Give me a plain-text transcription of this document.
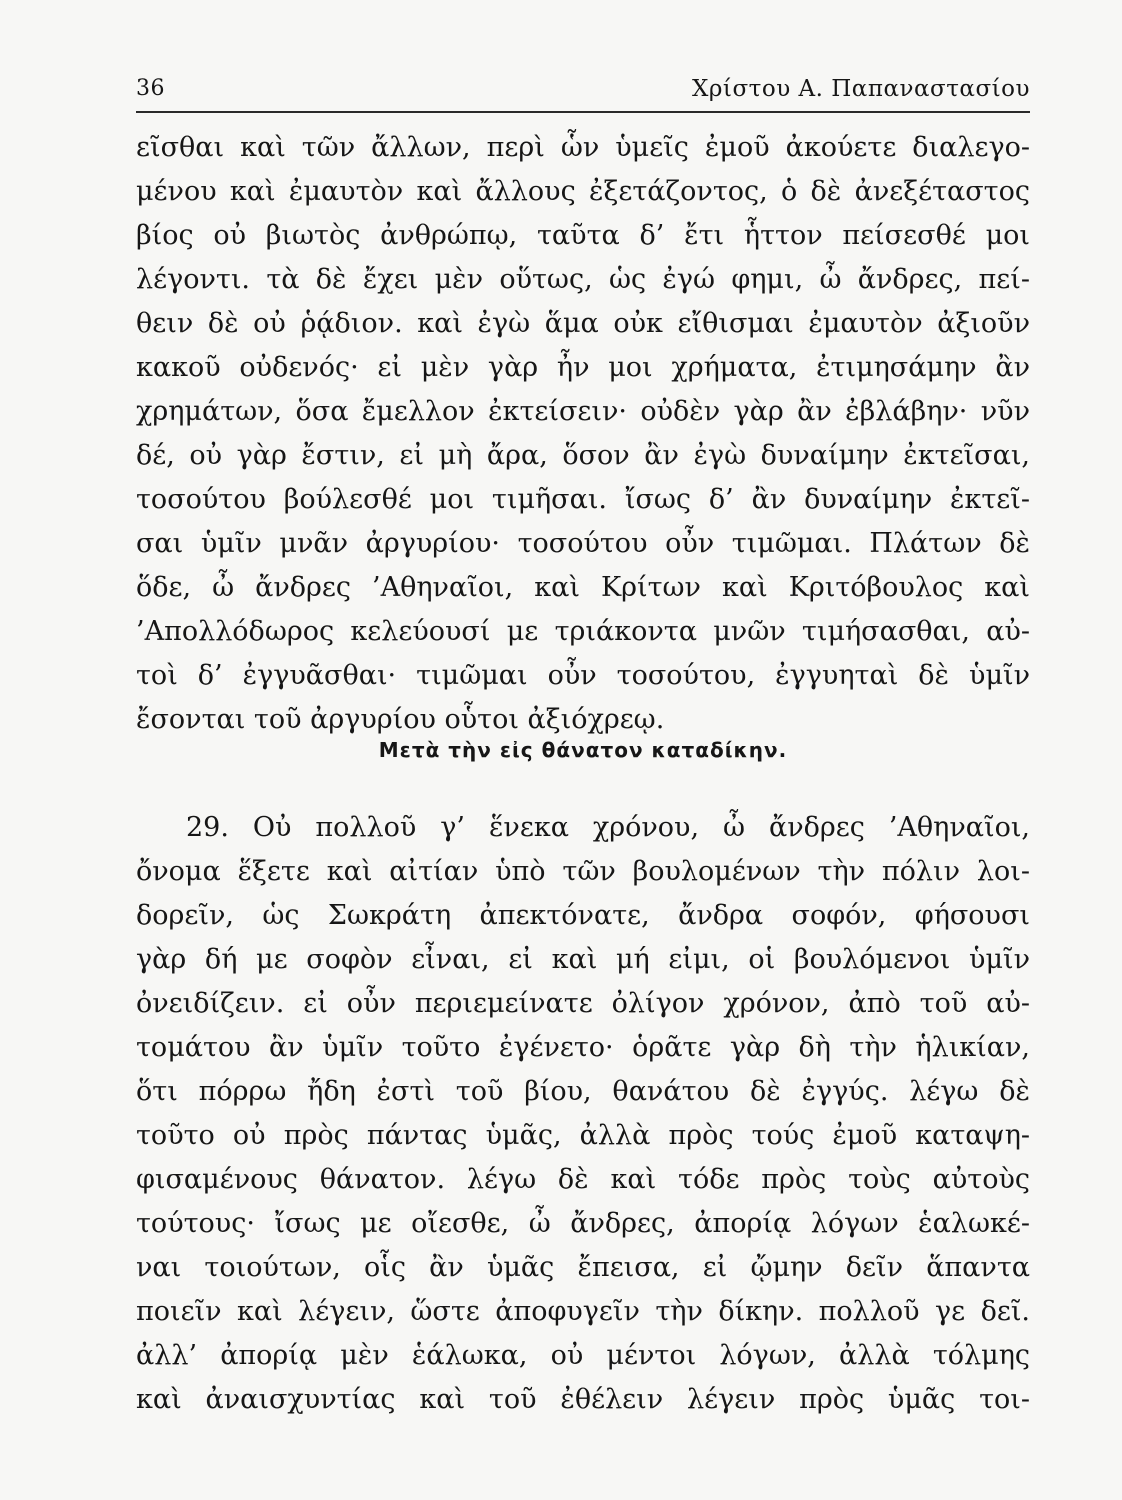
36	Χρίστου Α. Παπαναστασίου
εῖσθαι καὶ τῶν ἄλλων, περὶ ὧν ὑμεῖς ἐμοῦ ἀκούετε διαλεγο-
μένου καὶ ἐμαυτὸν καὶ ἄλλους ἐξετάζοντος, ὁ δὲ ἀνεξέταστος
βίος οὐ βιωτὸς ἀνθρώπῳ, ταῦτα δ’ ἔτι ἧττον πείσεσθέ μοι
λέγοντι. τὰ δὲ ἔχει μὲν οὕτως, ὡς ἐγώ φημι, ὦ ἄνδρες, πεί-
θειν δὲ οὐ ῥᾴδιον. καὶ ἐγὼ ἅμα οὐκ εἴθισμαι ἐμαυτὸν ἀξιοῦν
κακοῦ οὐδενός· εἰ μὲν γὰρ ἦν μοι χρήματα, ἐτιμησάμην ἂν
χρημάτων, ὅσα ἔμελλον ἐκτείσειν· οὐδὲν γὰρ ἂν ἐβλάβην· νῦν
δέ, οὐ γὰρ ἔστιν, εἰ μὴ ἄρα, ὅσον ἂν ἐγὼ δυναίμην ἐκτεῖσαι,
τοσούτου βούλεσθέ μοι τιμῆσαι. ἴσως δ’ ἂν δυναίμην ἐκτεῖ-
σαι ὑμῖν μνᾶν ἀργυρίου· τοσούτου οὖν τιμῶμαι. Πλάτων δὲ
ὅδε, ὦ ἄνδρες ’Αθηναῖοι, καὶ Κρίτων καὶ Κριτόβουλος καὶ
’Απολλόδωρος κελεύουσί με τριάκοντα μνῶν τιμήσασθαι, αὐ-
τοὶ δ’ ἐγγυᾶσθαι· τιμῶμαι οὖν τοσούτου, ἐγγυηταὶ δὲ ὑμῖν
ἔσονται τοῦ ἀργυρίου οὗτοι ἀξιόχρεῳ.
Μετὰ τὴν εἰς θάνατον καταδίκην.
29. Οὐ πολλοῦ γ’ ἕνεκα χρόνου, ὦ ἄνδρες ’Αθηναῖοι,
ὄνομα ἕξετε καὶ αἰτίαν ὑπὸ τῶν βουλομένων τὴν πόλιν λοι-
δορεῖν, ὡς Σωκράτη ἀπεκτόνατε, ἄνδρα σοφόν, φήσουσι
γὰρ δή με σοφὸν εἶναι, εἰ καὶ μή εἰμι, οἱ βουλόμενοι ὑμῖν
ὀνειδίζειν. εἰ οὖν περιεμείνατε ὀλίγον χρόνον, ἀπὸ τοῦ αὐ-
τομάτου ἂν ὑμῖν τοῦτο ἐγένετο· ὁρᾶτε γὰρ δὴ τὴν ἡλικίαν,
ὅτι πόρρω ἤδη ἐστὶ τοῦ βίου, θανάτου δὲ ἐγγύς. λέγω δὲ
τοῦτο οὐ πρὸς πάντας ὑμᾶς, ἀλλὰ πρὸς τούς ἐμοῦ καταψη-
φισαμένους θάνατον. λέγω δὲ καὶ τόδε πρὸς τοὺς αὐτοὺς
τούτους· ἴσως με οἴεσθε, ὦ ἄνδρες, ἀπορίᾳ λόγων ἑαλωκέ-
ναι τοιούτων, οἷς ἂν ὑμᾶς ἔπεισα, εἰ ᾤμην δεῖν ἅπαντα
ποιεῖν καὶ λέγειν, ὥστε ἀποφυγεῖν τὴν δίκην. πολλοῦ γε δεῖ.
ἀλλ’ ἀπορίᾳ μὲν ἑάλωκα, οὐ μέντοι λόγων, ἀλλὰ τόλμης
καὶ ἀναισχυντίας καὶ τοῦ ἐθέλειν λέγειν πρὸς ὑμᾶς τοι-
